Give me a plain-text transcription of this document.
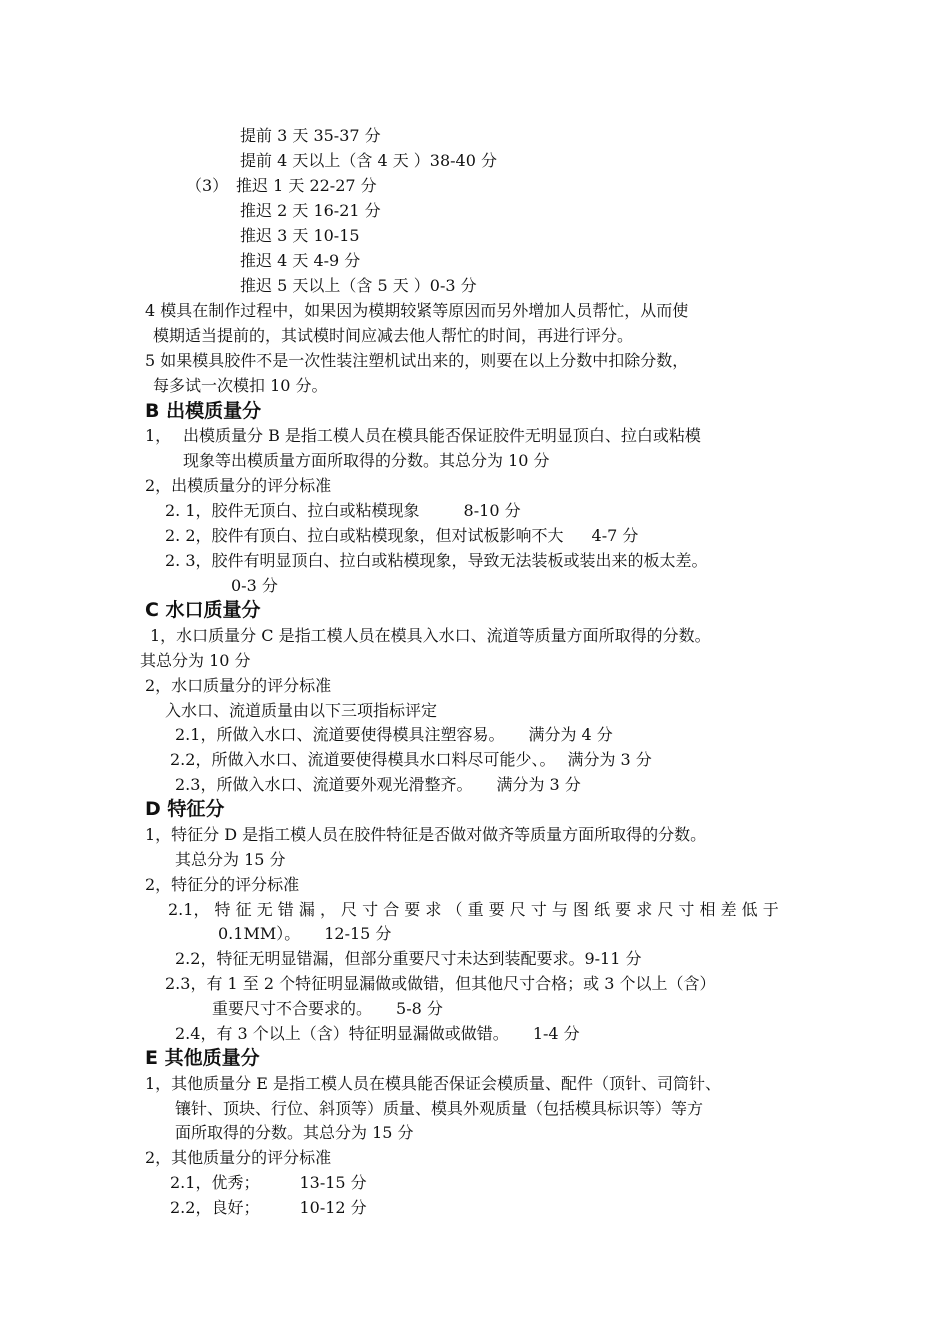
提前 3 天 35-37 分
提前 4 天以上（含 4 天 ）38-40 分
（3） 推迟 1 天 22-27 分
推迟 2 天 16-21 分
推迟 3 天 10-15
推迟 4 天 4-9 分
推迟 5 天以上（含 5 天 ）0-3 分
4 模具在制作过程中，如果因为模期较紧等原因而另外增加人员帮忙，从而使
模期适当提前的，其试模时间应减去他人帮忙的时间，再进行评分。
5 如果模具胶件不是一次性装注塑机试出来的，则要在以上分数中扣除分数，
每多试一次模扣 10 分。
B 出模质量分
1， 出模质量分 B 是指工模人员在模具能否保证胶件无明显顶白、拉白或粘模
现象等出模质量方面所取得的分数。其总分为 10 分
2，出模质量分的评分标准
2. 1，胶件无顶白、拉白或粘模现象	8-10 分
2. 2，胶件有顶白、拉白或粘模现象，但对试板影响不大 4-7 分
2. 3，胶件有明显顶白、拉白或粘模现象，导致无法装板或装出来的板太差。
0-3 分
C 水口质量分
1，水口质量分 C 是指工模人员在模具入水口、流道等质量方面所取得的分数。
其总分为 10 分
2，水口质量分的评分标准
入水口、流道质量由以下三项指标评定
2.1，所做入水口、流道要使得模具注塑容易。 满分为 4 分
2.2，所做入水口、流道要使得模具水口料尽可能少、。 满分为 3 分
2.3，所做入水口、流道要外观光滑整齐。 满分为 3 分
D 特征分
1，特征分 D 是指工模人员在胶件特征是否做对做齐等质量方面所取得的分数。
其总分为 15 分
2，特征分的评分标准
2.1， 特 征 无 错 漏 ， 尺 寸 合 要 求 （ 重 要 尺 寸 与 图 纸 要 求 尺 寸 相 差 低 于
0.1MM）。 12-15 分
2.2，特征无明显错漏，但部分重要尺寸未达到装配要求。9-11 分
2.3，有 1 至 2 个特征明显漏做或做错，但其他尺寸合格；或 3 个以上（含）
重要尺寸不合要求的。 5-8 分
2.4，有 3 个以上（含）特征明显漏做或做错。 1-4 分
E 其他质量分
1，其他质量分 E 是指工模人员在模具能否保证会模质量、配件（顶针、司筒针、
镶针、顶块、行位、斜顶等）质量、模具外观质量（包括模具标识等）等方
面所取得的分数。其总分为 15 分
2，其他质量分的评分标准
2.1，优秀；	13-15 分
2.2，良好；	10-12 分
